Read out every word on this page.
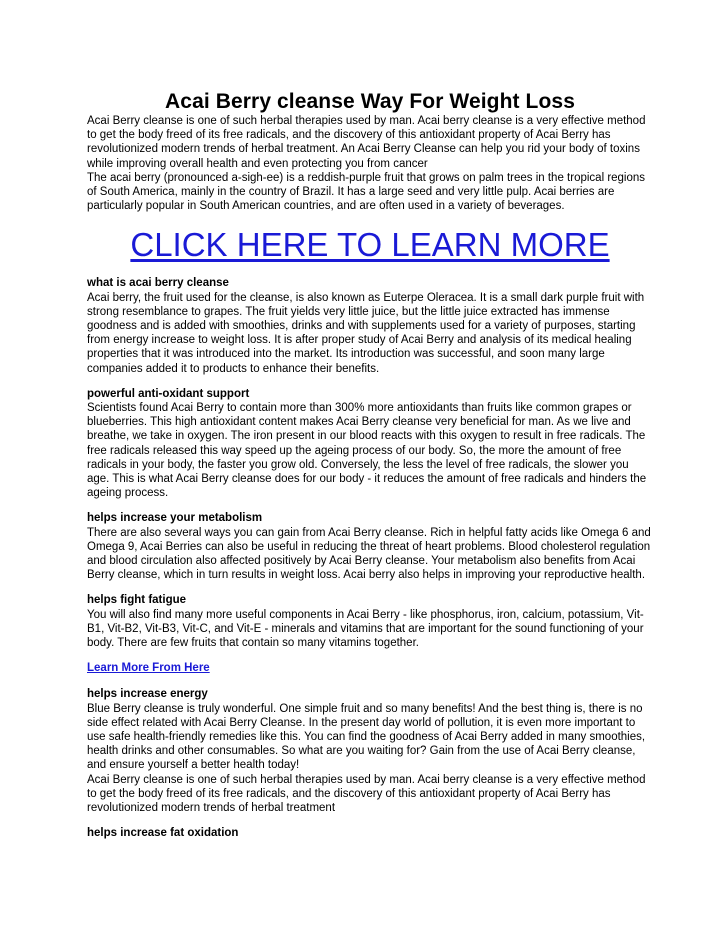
Acai Berry cleanse Way For Weight Loss

Acai Berry cleanse is one of such herbal therapies used by man. Acai berry cleanse is a very effective method to get the body freed of its free radicals, and the discovery of this antioxidant property of Acai Berry has revolutionized modern trends of herbal treatment. An Acai Berry Cleanse can help you rid your body of toxins while improving overall health and even protecting you from cancer

The acai berry (pronounced a-sigh-ee) is a reddish-purple fruit that grows on palm trees in the tropical regions of South America, mainly in the country of Brazil. It has a large seed and very little pulp. Acai berries are particularly popular in South American countries, and are often used in a variety of beverages.

CLICK HERE TO LEARN MORE
what is acai berry cleanse

Acai berry, the fruit used for the cleanse, is also known as Euterpe Oleracea. It is a small dark purple fruit with strong resemblance to grapes. The fruit yields very little juice, but the little juice extracted has immense goodness and is added with smoothies, drinks and with supplements used for a variety of purposes, starting from energy increase to weight loss. It is after proper study of Acai Berry and analysis of its medical healing properties that it was introduced into the market. Its introduction was successful, and soon many large companies added it to products to enhance their benefits.

powerful anti-oxidant support

Scientists found Acai Berry to contain more than 300% more antioxidants than fruits like common grapes or blueberries. This high antioxidant content makes Acai Berry cleanse very beneficial for man. As we live and breathe, we take in oxygen. The iron present in our blood reacts with this oxygen to result in free radicals. The free radicals released this way speed up the ageing process of our body. So, the more the amount of free radicals in your body, the faster you grow old. Conversely, the less the level of free radicals, the slower you age. This is what Acai Berry cleanse does for our body - it reduces the amount of free radicals and hinders the ageing process.

helps increase your metabolism

There are also several ways you can gain from Acai Berry cleanse. Rich in helpful fatty acids like Omega 6 and Omega 9, Acai Berries can also be useful in reducing the threat of heart problems. Blood cholesterol regulation and blood circulation also affected positively by Acai Berry cleanse. Your metabolism also benefits from Acai Berry cleanse, which in turn results in weight loss. Acai berry also helps in improving your reproductive health.

helps fight fatigue

You will also find many more useful components in Acai Berry - like phosphorus, iron, calcium, potassium, Vit-B1, Vit-B2, Vit-B3, Vit-C, and Vit-E - minerals and vitamins that are important for the sound functioning of your body. There are few fruits that contain so many vitamins together.

Learn More From Here
helps increase energy

Blue Berry cleanse is truly wonderful. One simple fruit and so many benefits! And the best thing is, there is no side effect related with Acai Berry Cleanse. In the present day world of pollution, it is even more important to use safe health-friendly remedies like this. You can find the goodness of Acai Berry added in many smoothies, health drinks and other consumables. So what are you waiting for? Gain from the use of Acai Berry cleanse, and ensure yourself a better health today!

Acai Berry cleanse is one of such herbal therapies used by man. Acai berry cleanse is a very effective method to get the body freed of its free radicals, and the discovery of this antioxidant property of Acai Berry has revolutionized modern trends of herbal treatment

helps increase fat oxidation
